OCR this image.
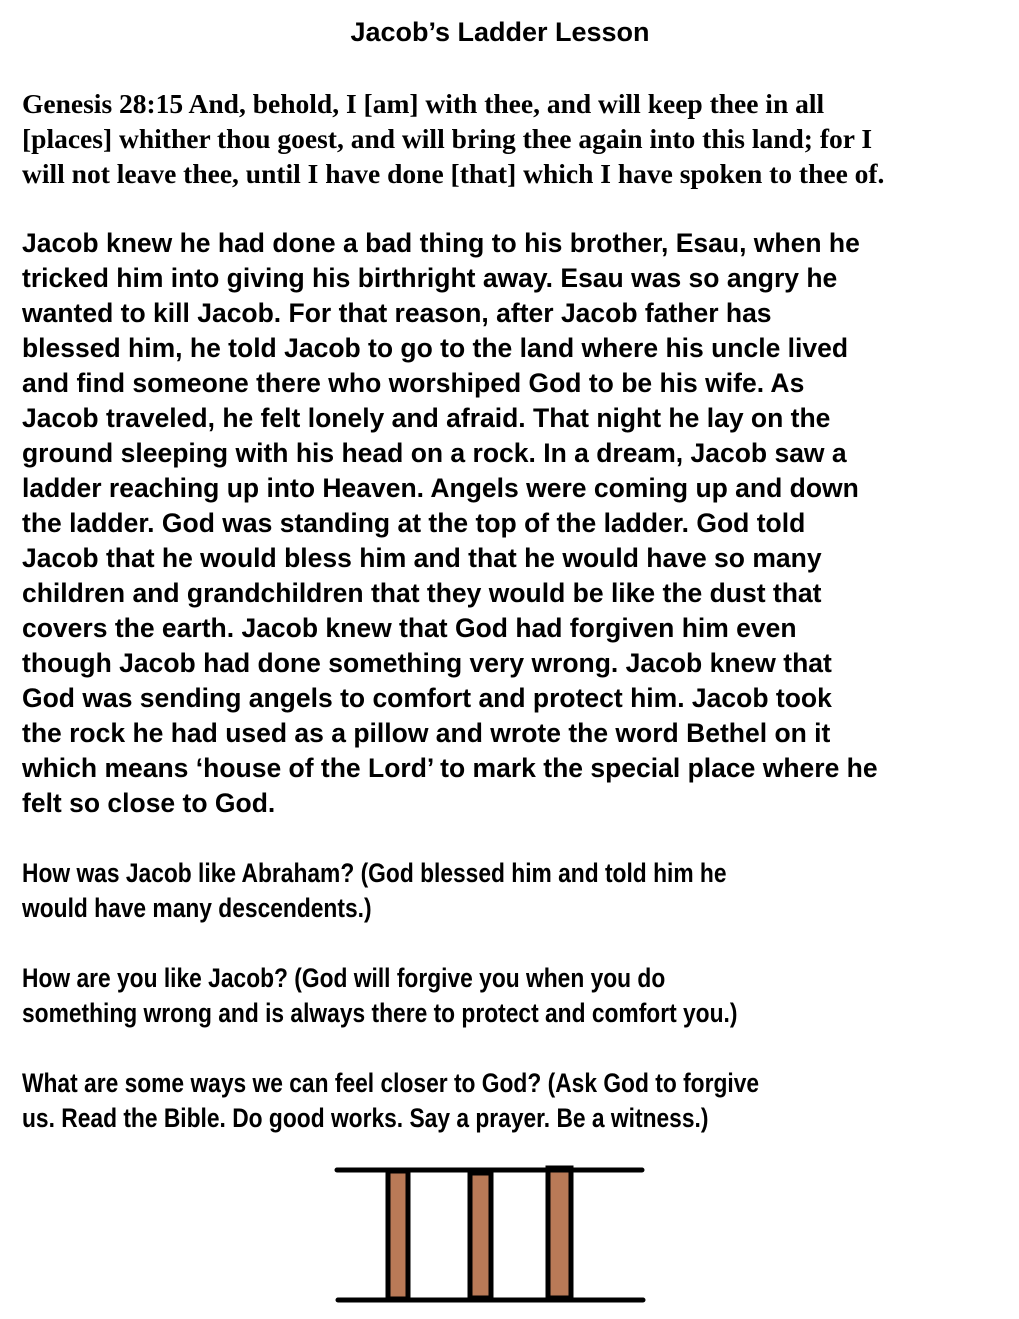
Jacob’s Ladder Lesson
Genesis 28:15 And, behold, I [am] with thee, and will keep thee in all
[places] whither thou goest, and will bring thee again into this land; for I
will not leave thee, until I have done [that] which I have spoken to thee of.
Jacob knew he had done a bad thing to his brother, Esau, when he
tricked him into giving his birthright away. Esau was so angry he
wanted to kill Jacob. For that reason, after Jacob father has
blessed him, he told Jacob to go to the land where his uncle lived
and find someone there who worshiped God to be his wife. As
Jacob traveled, he felt lonely and afraid. That night he lay on the
ground sleeping with his head on a rock. In a dream, Jacob saw a
ladder reaching up into Heaven. Angels were coming up and down
the ladder. God was standing at the top of the ladder. God told
Jacob that he would bless him and that he would have so many
children and grandchildren that they would be like the dust that
covers the earth. Jacob knew that God had forgiven him even
though Jacob had done something very wrong. Jacob knew that
God was sending angels to comfort and protect him. Jacob took
the rock he had used as a pillow and wrote the word Bethel on it
which means ‘house of the Lord’ to mark the special place where he
felt so close to God.
How was Jacob like Abraham? (God blessed him and told him he
would have many descendents.)
How are you like Jacob? (God will forgive you when you do
something wrong and is always there to protect and comfort you.)
What are some ways we can feel closer to God? (Ask God to forgive
us. Read the Bible. Do good works. Say a prayer. Be a witness.)
